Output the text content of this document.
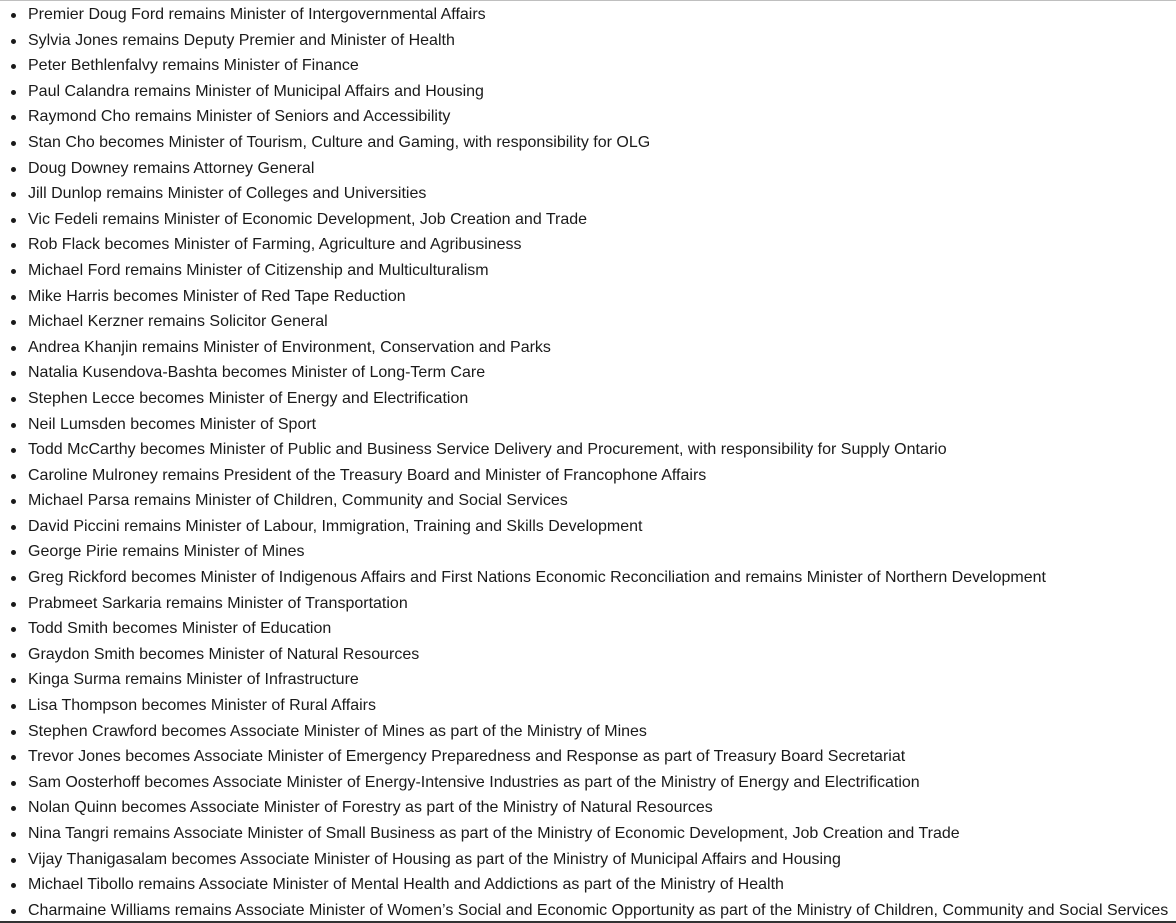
Premier Doug Ford remains Minister of Intergovernmental Affairs
Sylvia Jones remains Deputy Premier and Minister of Health
Peter Bethlenfalvy remains Minister of Finance
Paul Calandra remains Minister of Municipal Affairs and Housing
Raymond Cho remains Minister of Seniors and Accessibility
Stan Cho becomes Minister of Tourism, Culture and Gaming, with responsibility for OLG
Doug Downey remains Attorney General
Jill Dunlop remains Minister of Colleges and Universities
Vic Fedeli remains Minister of Economic Development, Job Creation and Trade
Rob Flack becomes Minister of Farming, Agriculture and Agribusiness
Michael Ford remains Minister of Citizenship and Multiculturalism
Mike Harris becomes Minister of Red Tape Reduction
Michael Kerzner remains Solicitor General
Andrea Khanjin remains Minister of Environment, Conservation and Parks
Natalia Kusendova-Bashta becomes Minister of Long-Term Care
Stephen Lecce becomes Minister of Energy and Electrification
Neil Lumsden becomes Minister of Sport
Todd McCarthy becomes Minister of Public and Business Service Delivery and Procurement, with responsibility for Supply Ontario
Caroline Mulroney remains President of the Treasury Board and Minister of Francophone Affairs
Michael Parsa remains Minister of Children, Community and Social Services
David Piccini remains Minister of Labour, Immigration, Training and Skills Development
George Pirie remains Minister of Mines
Greg Rickford becomes Minister of Indigenous Affairs and First Nations Economic Reconciliation and remains Minister of Northern Development
Prabmeet Sarkaria remains Minister of Transportation
Todd Smith becomes Minister of Education
Graydon Smith becomes Minister of Natural Resources
Kinga Surma remains Minister of Infrastructure
Lisa Thompson becomes Minister of Rural Affairs
Stephen Crawford becomes Associate Minister of Mines as part of the Ministry of Mines
Trevor Jones becomes Associate Minister of Emergency Preparedness and Response as part of Treasury Board Secretariat
Sam Oosterhoff becomes Associate Minister of Energy-Intensive Industries as part of the Ministry of Energy and Electrification
Nolan Quinn becomes Associate Minister of Forestry as part of the Ministry of Natural Resources
Nina Tangri remains Associate Minister of Small Business as part of the Ministry of Economic Development, Job Creation and Trade
Vijay Thanigasalam becomes Associate Minister of Housing as part of the Ministry of Municipal Affairs and Housing
Michael Tibollo remains Associate Minister of Mental Health and Addictions as part of the Ministry of Health
Charmaine Williams remains Associate Minister of Women’s Social and Economic Opportunity as part of the Ministry of Children, Community and Social Services
